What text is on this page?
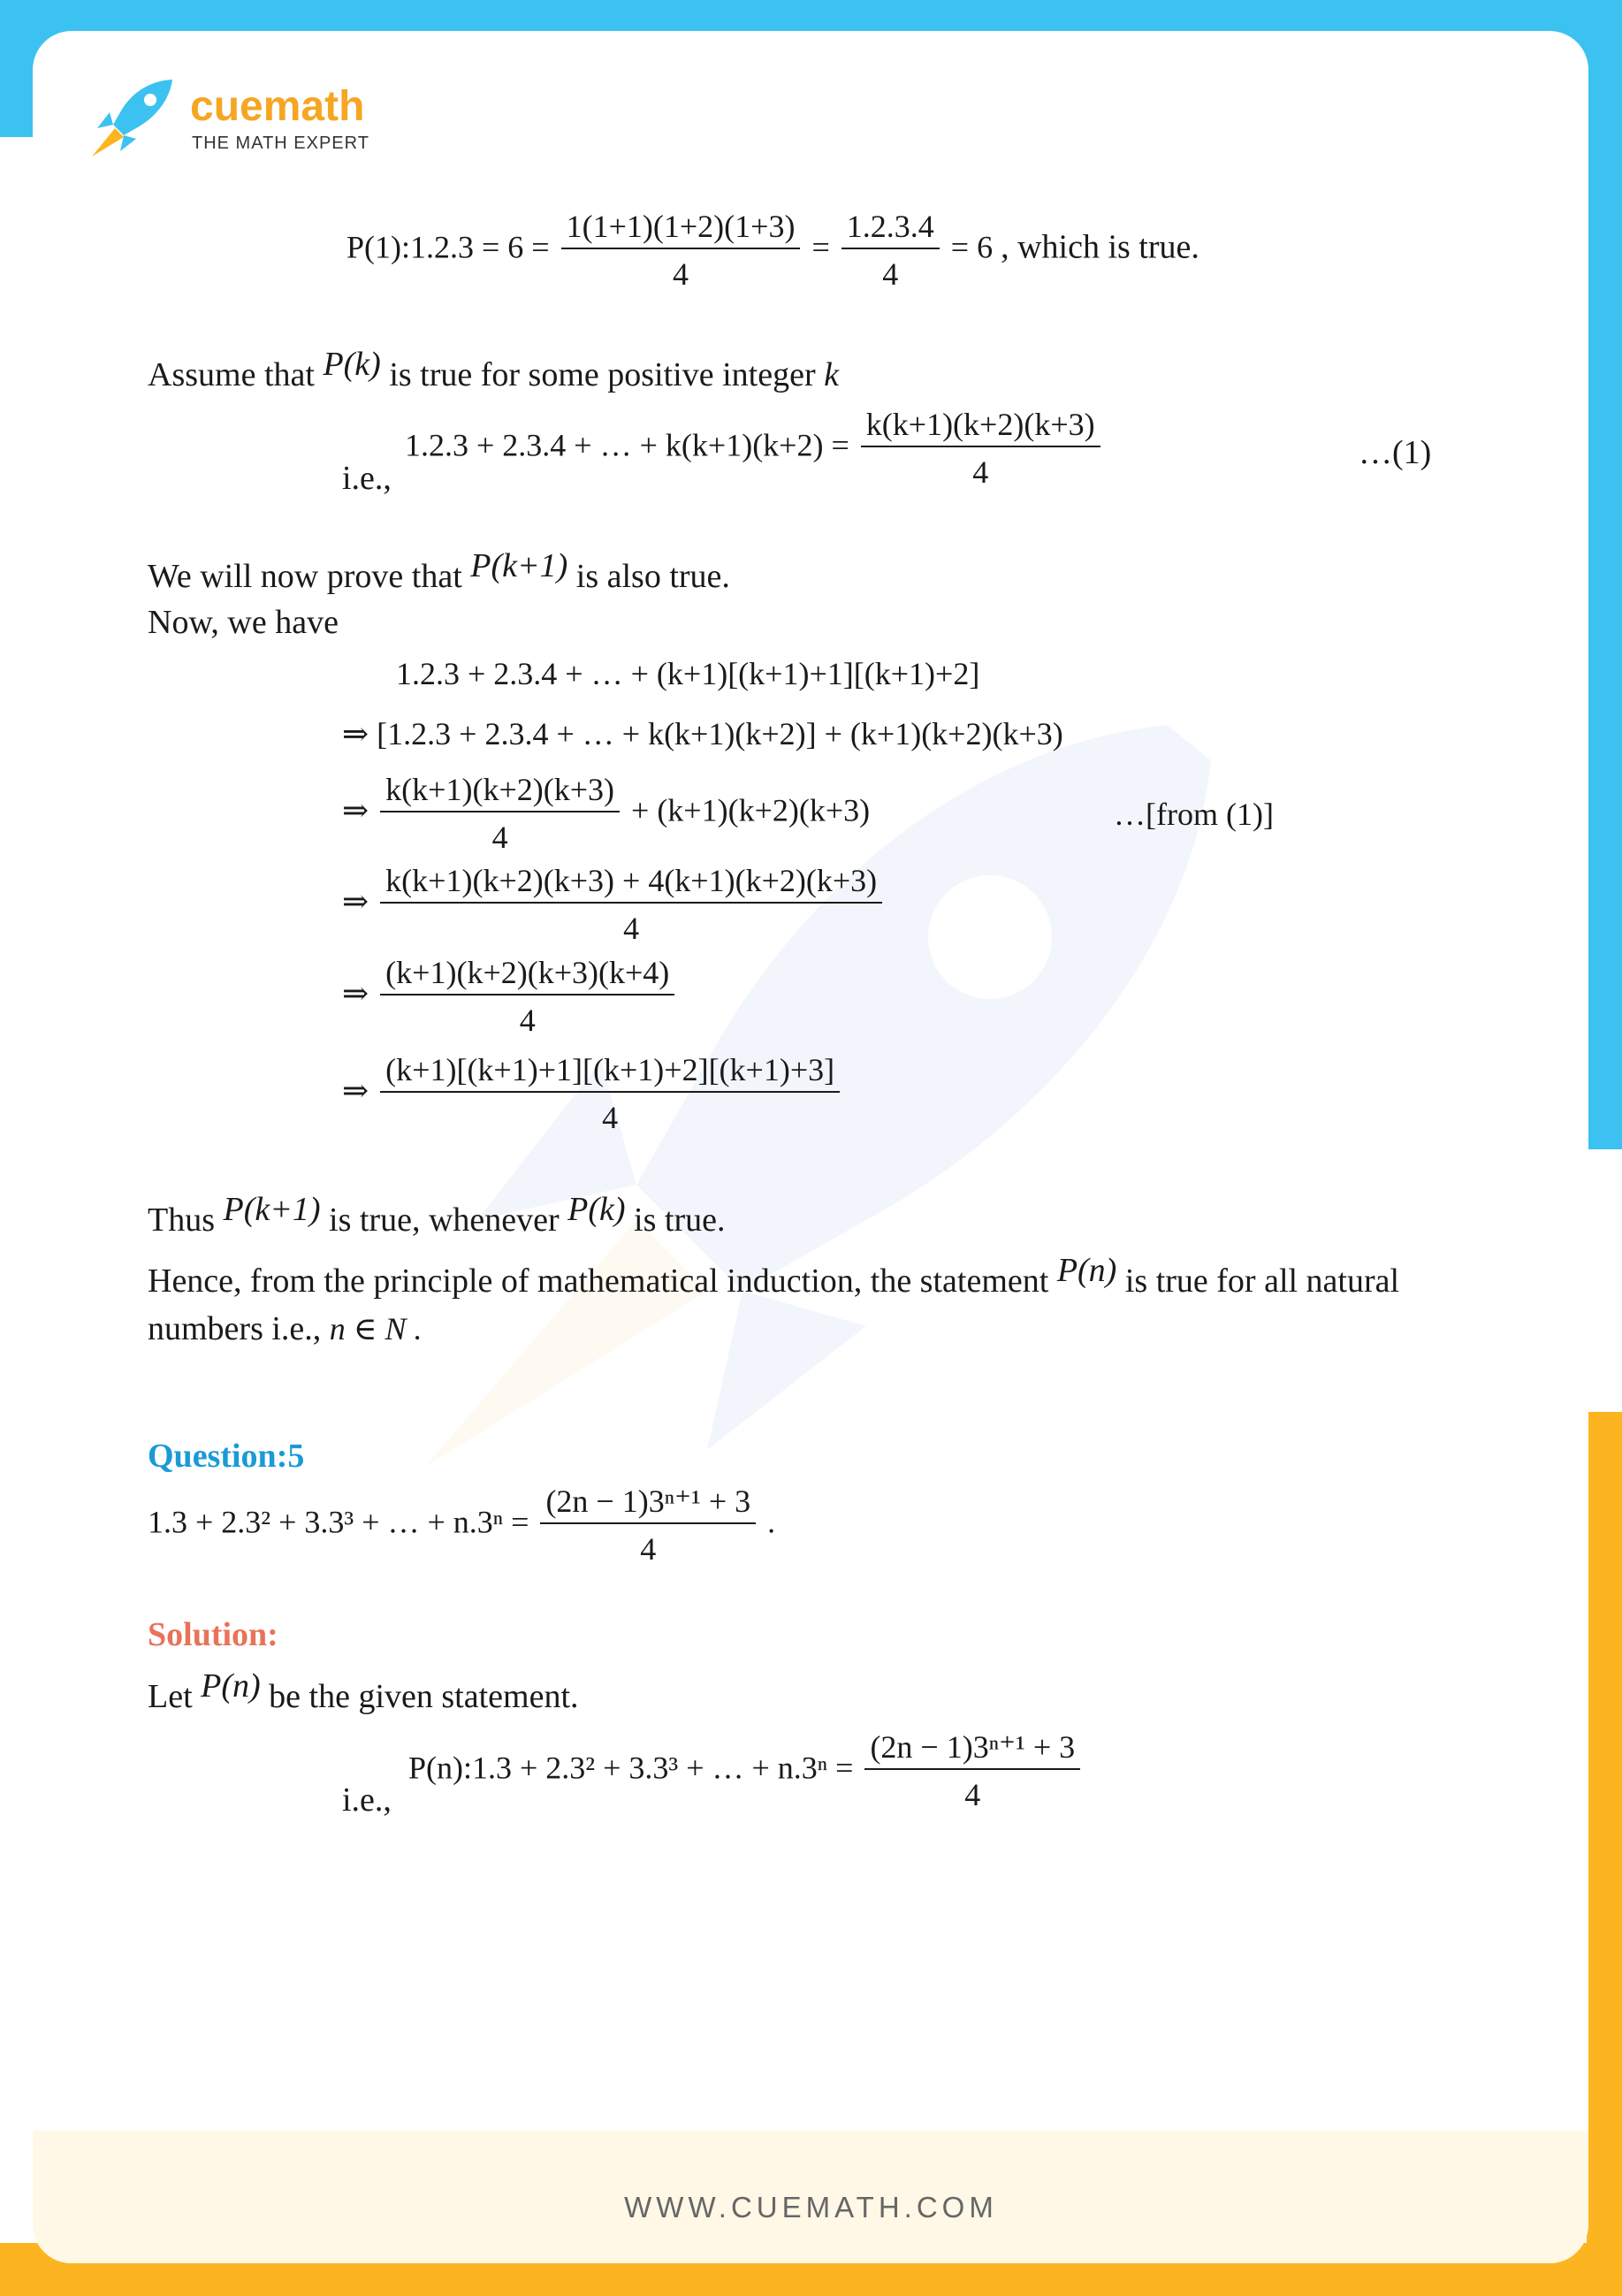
cuemath
THE MATH EXPERT
P(1):1.2.3 = $6 = \frac{1(1+1)(1+2)(1+3)}{4} = \frac{1.2.3.4}{4} = 6$ , which is true.
Assume that P(k) is true for some positive integer k
i.e.,
1.2.3 + 2.3.4 + … + $k(k+1)(k+2) = \frac{k(k+1)(k+2)(k+3)}{4}$	…(1)
We will now prove that P(k+1) is also true.
Now, we have
1.2.3 + 2.3.4 + … + (k+1)[(k+1)+1][(k+1)+2]
⇒ [1.2.3 + 2.3.4 + … + k(k+1)(k+2)] + (k+1)(k+2)(k+3)
⇒ $\frac{k(k+1)(k+2)(k+3)}{4} + (k+1)(k+2)(k+3)$	…[from (1)]
⇒ $\frac{k(k+1)(k+2)(k+3) + 4(k+1)(k+2)(k+3)}{4}$
⇒ $\frac{(k+1)(k+2)(k+3)(k+4)}{4}$
⇒ $\frac{(k+1)[(k+1)+1][(k+1)+2][(k+1)+3]}{4}$
Thus P(k+1) is true, whenever P(k) is true.
Hence, from the principle of mathematical induction, the statement P(n) is true for all natural
numbers i.e., n ∈ N .
Question:5
1.3 + 2.3² + 3.3³ + … + $n.3^n = \frac{\text{(2n − 1)3ⁿ⁺¹ + 3}}{4}$ .
Solution:
Let P(n) be the given statement.
i.e.,
P(n):1.3 + 2.3² + 3.3³ + … + $n.3^n = \frac{\text{(2n − 1)3ⁿ⁺¹ + 3}}{4}$
WWW.CUEMATH.COM
